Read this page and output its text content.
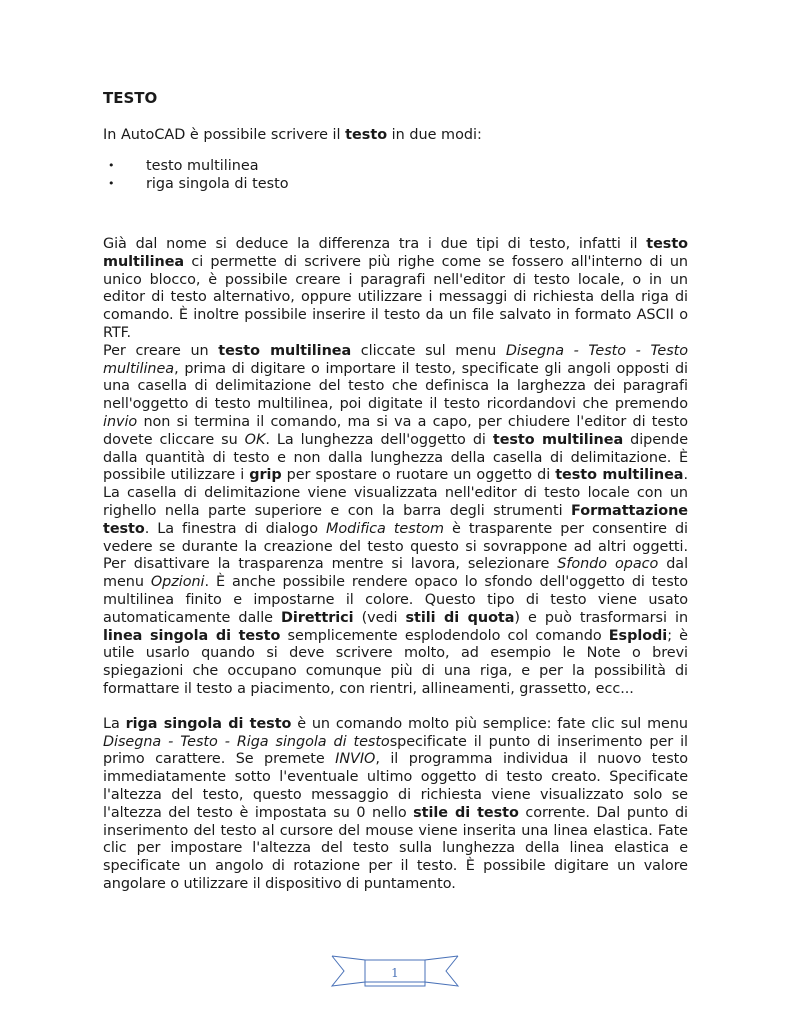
TESTO

In AutoCAD è possibile scrivere il testo in due modi:

• testo multilinea
• riga singola di testo

Già dal nome si deduce la differenza tra i due tipi di testo, infatti il testo multilinea ci permette di scrivere più righe come se fossero all'interno di un unico blocco, è possibile creare i paragrafi nell'editor di testo locale, o in un editor di testo alternativo, oppure utilizzare i messaggi di richiesta della riga di comando. È inoltre possibile inserire il testo da un file salvato in formato ASCII o RTF.

Per creare un testo multilinea cliccate sul menu Disegna - Testo - Testo multilinea, prima di digitare o importare il testo, specificate gli angoli opposti di una casella di delimitazione del testo che definisca la larghezza dei paragrafi nell'oggetto di testo multilinea, poi digitate il testo ricordandovi che premendo invio non si termina il comando, ma si va a capo, per chiudere l'editor di testo dovete cliccare su OK. La lunghezza dell'oggetto di testo multilinea dipende dalla quantità di testo e non dalla lunghezza della casella di delimitazione. È possibile utilizzare i grip per spostare o ruotare un oggetto di testo multilinea. La casella di delimitazione viene visualizzata nell'editor di testo locale con un righello nella parte superiore e con la barra degli strumenti Formattazione testo. La finestra di dialogo Modifica testom è trasparente per consentire di vedere se durante la creazione del testo questo si sovrappone ad altri oggetti. Per disattivare la trasparenza mentre si lavora, selezionare Sfondo opaco dal menu Opzioni. È anche possibile rendere opaco lo sfondo dell'oggetto di testo multilinea finito e impostarne il colore. Questo tipo di testo viene usato automaticamente dalle Direttrici (vedi stili di quota) e può trasformarsi in linea singola di testo semplicemente esplodendolo col comando Esplodi; è utile usarlo quando si deve scrivere molto, ad esempio le Note o brevi spiegazioni che occupano comunque più di una riga, e per la possibilità di formattare il testo a piacimento, con rientri, allineamenti, grassetto, ecc...

La riga singola di testo è un comando molto più semplice: fate clic sul menu Disegna - Testo - Riga singola di testospecificate il punto di inserimento per il primo carattere. Se premete INVIO, il programma individua il nuovo testo immediatamente sotto l'eventuale ultimo oggetto di testo creato. Specificate l'altezza del testo, questo messaggio di richiesta viene visualizzato solo se l'altezza del testo è impostata su 0 nello stile di testo corrente. Dal punto di inserimento del testo al cursore del mouse viene inserita una linea elastica. Fate clic per impostare l'altezza del testo sulla lunghezza della linea elastica e specificate un angolo di rotazione per il testo. È possibile digitare un valore angolare o utilizzare il dispositivo di puntamento.

1
